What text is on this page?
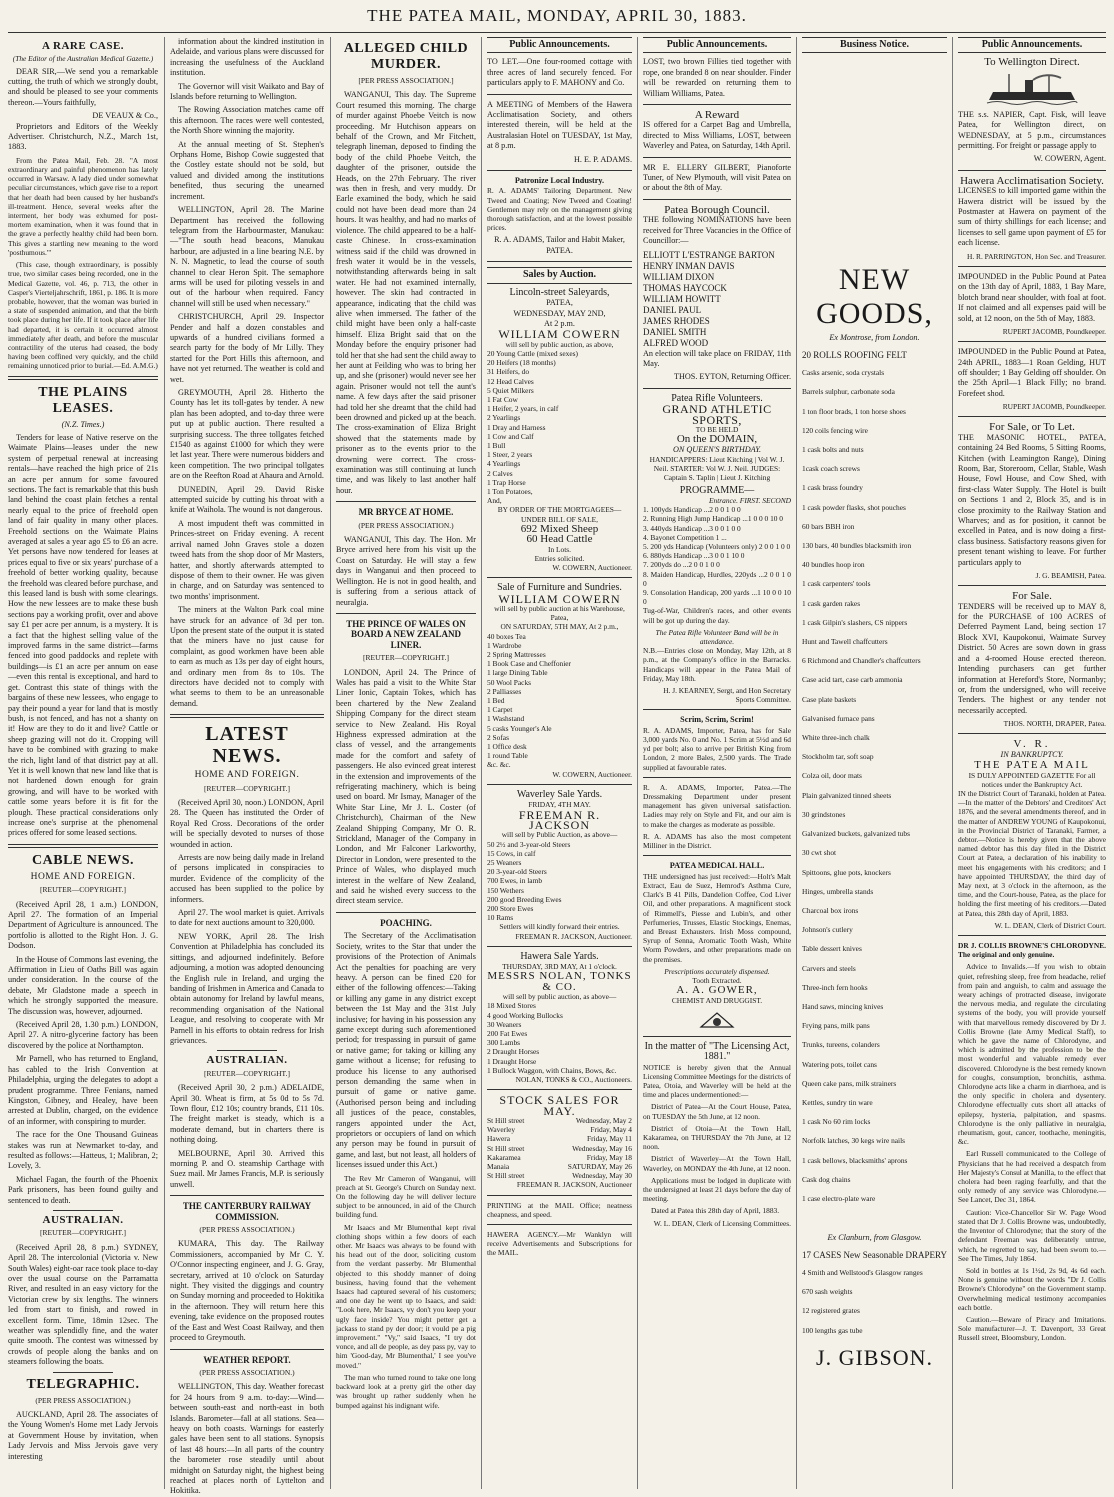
THE PATEA MAIL, MONDAY, APRIL 30, 1883.
A RARE CASE.
(The Editor of the Australian Medical Gazette.)

DEAR SIR,—We send you a remarkable cutting, the truth of which we strongly doubt, and should be pleased to see your comments thereon.—Yours faithfully,

DE VEAUX & Co.,

Proprietors and Editors of the Weekly Advertiser. Christchurch, N.Z., March 1st, 1883.

From the Patea Mail, Feb. 28. "A most extraordinary and painful phenomenon has lately occurred in Warsaw. A lady died under somewhat peculiar circumstances, which gave rise to a report that her death had been caused by her husband's ill-treatment. Hence, several weeks after the interment, her body was exhumed for post-mortem examination, when it was found that in the grave a perfectly healthy child had been born. This gives a startling new meaning to the word 'posthumous.'"

(This case, though extraordinary, is possibly true, two similar cases being recorded, one in the Medical Gazette, vol. 46, p. 713, the other in Casper's Vierteljahrschrift, 1861, p. 186. It is more probable, however, that the woman was buried in a state of suspended animation, and that the birth took place during her life. If it took place after life had departed, it is certain it occurred almost immediately after death, and before the muscular contractility of the uterus had ceased, the body having been coffined very quickly, and the child remaining unnoticed prior to burial.—Ed. A.M.G.)

THE PLAINS LEASES.
(N.Z. Times.)

Tenders for lease of Native reserve on the Waimate Plains—leases under the new system of perpetual renewal at increasing rentals—have reached the high price of 21s an acre per annum for some favoured sections. The fact is remarkable that this bush land behind the coast plain fetches a rental nearly equal to the price of freehold open land of fair quality in many other places. Freehold sections on the Waimate Plains averaged at sales a year ago £5 to £6 an acre. Yet persons have now tendered for leases at prices equal to five or six years' purchase of a freehold of better working quality, because the freehold was cleared before purchase, and this leased land is bush with some clearings. How the new lessees are to make these bush sections pay a working profit, over and above say £1 per acre per annum, is a mystery. It is a fact that the highest selling value of the improved farms in the same district—farms fenced into good paddocks and replete with buildings—is £1 an acre per annum on ease—even this rental is exceptional, and hard to get. Contrast this state of things with the bargains of these new lessees, who engage to pay their pound a year for land that is mostly bush, is not fenced, and has not a shanty on it! How are they to do it and live? Cattle or sheep grazing will not do it. Cropping will have to be combined with grazing to make the rich, light land of that district pay at all. Yet it is well known that new land like that is not hardened down enough for grain growing, and will have to be worked with cattle some years before it is fit for the plough. These practical considerations only increase one's surprise at the phenomenal prices offered for some leased sections.

CABLE NEWS.
HOME AND FOREIGN.
[REUTER—COPYRIGHT.]

(Received April 28, 1 a.m.) LONDON, April 27. The formation of an Imperial Department of Agriculture is announced. The portfolio is allotted to the Right Hon. J. G. Dodson.

In the House of Commons last evening, the Affirmation in Lieu of Oaths Bill was again under consideration. In the course of the debate, Mr Gladstone made a speech in which he strongly supported the measure. The discussion was, however, adjourned.

(Received April 28, 1.30 p.m.) LONDON, April 27. A nitro-glycerine factory has been discovered by the police at Northampton.

Mr Parnell, who has returned to England, has cabled to the Irish Convention at Philadelphia, urging the delegates to adopt a prudent programme. Three Fenians, named Kingston, Gibney, and Healey, have been arrested at Dublin, charged, on the evidence of an informer, with conspiring to murder.

The race for the One Thousand Guineas stakes was run at Newmarket to-day, and resulted as follows:—Hatteus, 1; Malibran, 2; Lovely, 3.

Michael Fagan, the fourth of the Phoenix Park prisoners, has been found guilty and sentenced to death.

AUSTRALIAN.
[REUTER—COPYRIGHT.]

(Received April 28, 8 p.m.) SYDNEY, April 28. The intercolonial (Victoria v. New South Wales) eight-oar race took place to-day over the usual course on the Parramatta River, and resulted in an easy victory for the Victorian crew by six lengths. The winners led from start to finish, and rowed in excellent form. Time, 18min 12sec. The weather was splendidly fine, and the water quite smooth. The contest was witnessed by crowds of people along the banks and on steamers following the boats.

TELEGRAPHIC.
(PER PRESS ASSOCIATION.)

AUCKLAND, April 28. The associates of the Young Women's Home met Lady Jervois at Government House by invitation, when Lady Jervois and Miss Jervois gave very interesting

information about the kindred institution in Adelaide, and various plans were discussed for increasing the usefulness of the Auckland institution.

The Governor will visit Waikato and Bay of Islands before returning to Wellington.

The Rowing Association matches came off this afternoon. The races were well contested, the North Shore winning the majority.

At the annual meeting of St. Stephen's Orphans Home, Bishop Cowie suggested that the Costley estate should not be sold, but valued and divided among the institutions benefited, thus securing the unearned increment.

WELLINGTON, April 28. The Marine Department has received the following telegram from the Harbourmaster, Manukau:—"The south head beacons, Manukau harbour, are adjusted in a line bearing N.E. by N. N. Magnetic, to lead the course of south channel to clear Heron Spit. The semaphore arms will be used for piloting vessels in and out of the harbour when required. Fancy channel will still be used when necessary."

CHRISTCHURCH, April 29. Inspector Pender and half a dozen constables and upwards of a hundred civilians formed a search party for the body of Mr Lilly. They started for the Port Hills this afternoon, and have not yet returned. The weather is cold and wet.

GREYMOUTH, April 28. Hitherto the County has let its toll-gates by tender. A new plan has been adopted, and to-day three were put up at public auction. There resulted a surprising success. The three tollgates fetched £1540 as against £1000 for which they were let last year. There were numerous bidders and keen competition. The two principal tollgates are on the Reefton Road at Ahaura and Arnold.

DUNEDIN, April 29. David Riske attempted suicide by cutting his throat with a knife at Waihola. The wound is not dangerous.

A most impudent theft was committed in Princes-street on Friday evening. A recent arrival named John Graves stole a dozen tweed hats from the shop door of Mr Masters, hatter, and shortly afterwards attempted to dispose of them to their owner. He was given in charge, and on Saturday was sentenced to two months' imprisonment.

The miners at the Walton Park coal mine have struck for an advance of 3d per ton. Upon the present state of the output it is stated that the miners have no just cause for complaint, as good workmen have been able to earn as much as 13s per day of eight hours, and ordinary men from 8s to 10s. The directors have decided not to comply with what seems to them to be an unreasonable demand.

LATEST NEWS.
HOME AND FOREIGN.
[REUTER—COPYRIGHT.]

(Received April 30, noon.) LONDON, April 28. The Queen has instituted the Order of Royal Red Cross. Decorations of the order will be specially devoted to nurses of those wounded in action.

Arrests are now being daily made in Ireland of persons implicated in conspiracies to murder. Evidence of the complicity of the accused has been supplied to the police by informers.

April 27. The wool market is quiet. Arrivals to date for next auctions amount to 320,000.

NEW YORK, April 28. The Irish Convention at Philadelphia has concluded its sittings, and adjourned indefinitely. Before adjourning, a motion was adopted denouncing the English rule in Ireland, and urging the banding of Irishmen in America and Canada to obtain autonomy for Ireland by lawful means, recommending organisation of the National League, and resolving to cooperate with Mr Parnell in his efforts to obtain redress for Irish grievances.

AUSTRALIAN.
[REUTER—COPYRIGHT.]

(Received April 30, 2 p.m.) ADELAIDE, April 30. Wheat is firm, at 5s 0d to 5s 7d. Town flour, £12 10s; country brands, £11 10s. The freight market is steady, which is a moderate demand, but in charters there is nothing doing.

MELBOURNE, April 30. Arrived this morning P. and O. steamship Carthage with Suez mail. Mr James Francis, M.P. is seriously unwell.

THE CANTERBURY RAILWAY COMMISSION.
(PER PRESS ASSOCIATION.)

KUMARA, This day. The Railway Commissioners, accompanied by Mr C. Y. O'Connor inspecting engineer, and J. G. Gray, secretary, arrived at 10 o'clock on Saturday night. They visited the diggings and country on Sunday morning and proceeded to Hokitika in the afternoon. They will return here this evening, take evidence on the proposed routes of the East and West Coast Railway, and then proceed to Greymouth.

WEATHER REPORT.
(PER PRESS ASSOCIATION.)

WELLINGTON, This day. Weather forecast for 24 hours from 9 a.m. to-day:—Wind—between south-east and north-east in both Islands. Barometer—fall at all stations. Sea—heavy on both coasts. Warnings for easterly gales have been sent to all stations. Synopsis of last 48 hours:—In all parts of the country the barometer rose steadily until about midnight on Saturday night, the highest being reached at places north of Lyttelton and Hokitika.

ALLEGED CHILD MURDER.
[PER PRESS ASSOCIATION.]

WANGANUI, This day. The Supreme Court resumed this morning. The charge of murder against Phoebe Veitch is now proceeding. Mr Hutchison appears on behalf of the Crown, and Mr Fitchett, telegraph lineman, deposed to finding the body of the child Phoebe Veitch, the daughter of the prisoner, outside the Heads, on the 27th February. The river was then in fresh, and very muddy. Dr Earle examined the body, which he said could not have been dead more than 24 hours. It was healthy, and had no marks of violence. The child appeared to be a half-caste Chinese. In cross-examination witness said if the child was drowned in fresh water it would be in the vessels, notwithstanding afterwards being in salt water. He had not examined internally, however. The skin had contracted in appearance, indicating that the child was alive when immersed. The father of the child might have been only a half-caste himself. Eliza Bright said that on the Monday before the enquiry prisoner had told her that she had sent the child away to her aunt at Feilding who was to bring her up, and she (prisoner) would never see her again. Prisoner would not tell the aunt's name. A few days after the said prisoner had told her she dreamt that the child had been drowned and picked up at the beach. The cross-examination of Eliza Bright showed that the statements made by prisoner as to the events prior to the drowning were correct. The cross-examination was still continuing at lunch time, and was likely to last another half hour.

MR BRYCE AT HOME.
(PER PRESS ASSOCIATION.)

WANGANUI, This day. The Hon. Mr Bryce arrived here from his visit up the Coast on Saturday. He will stay a few days in Wanganui and then proceed to Wellington. He is not in good health, and is suffering from a serious attack of neuralgia.

THE PRINCE OF WALES ON BOARD A NEW ZEALAND LINER.
[REUTER—COPYRIGHT.]

LONDON, April 24. The Prince of Wales has paid a visit to the White Star Liner Ionic, Captain Tokes, which has been chartered by the New Zealand Shipping Company for the direct steam service to New Zealand. His Royal Highness expressed admiration at the class of vessel, and the arrangements made for the comfort and safety of passengers. He also evinced great interest in the extension and improvements of the refrigerating machinery, which is being used on board. Mr Ismay, Manager of the White Star Line, Mr J. L. Coster (of Christchurch), Chairman of the New Zealand Shipping Company, Mr O. R. Strickland, Manager of the Company in London, and Mr Falconer Larkworthy, Director in London, were presented to the Prince of Wales, who displayed much interest in the welfare of New Zealand, and said he wished every success to the direct steam service.

POACHING.

The Secretary of the Acclimatisation Society, writes to the Star that under the provisions of the Protection of Animals Act the penalties for poaching are very heavy. A person can be fined £20 for either of the following offences:—Taking or killing any game in any district except between the 1st May and the 31st July inclusive; for having in his possession any game except during such aforementioned period; for trespassing in pursuit of game or native game; for taking or killing any game without a license; for refusing to produce his license to any authorised person demanding the same when in pursuit of game or native game. (Authorised person being and including all justices of the peace, constables, rangers appointed under the Act, proprietors or occupiers of land on which any person may be found in pursuit of game, and last, but not least, all holders of licenses issued under this Act.)

The Rev Mr Cameron of Wanganui, will preach at St. George's Church on Sunday next. On the following day he will deliver lecture subject to be announced, in aid of the Church building fund.

Mr Isaacs and Mr Blumenthal kept rival clothing shops within a few doors of each other. Mr Isaacs was always to be found with his head out of the door, soliciting custom from the verdant passerby. Mr Blumenthal objected to this shoddy manner of doing business, having found that the vehement Isaacs had captured several of his customers; and one day he went up to Isaacs, and said: "Look here, Mr Isaacs, vy don't you keep your ugly face inside? You might petter get a jackass to stand py der door; it vould pe a pig improvement." "Vy," said Isaacs, "I try dot vonce, and all de people, as dey pass py, vay to him 'Good-day, Mr Blumenthal,' I see you've moved."

The man who turned round to take one long backward look at a pretty girl the other day was brought up rather suddenly when he bumped against his indignant wife.

Public Announcements.

TO LET.—One four-roomed cottage with three acres of land securely fenced. For particulars apply to F. MAHONY and Co.

A MEETING of Members of the Hawera Acclimatisation Society, and others interested therein, will be held at the Australasian Hotel on TUESDAY, 1st May, at 8 p.m.

H. E. P. ADAMS.
Patronize Local Industry.

R. A. ADAMS' Tailoring Department. New Tweed and Coating; New Tweed and Coating! Gentlemen may rely on the management giving thorough satisfaction, and at the lowest possible prices.

R. A. ADAMS, Tailor and Habit Maker, PATEA.
Sales by Auction.
Lincoln-street Saleyards,
PATEA,
WEDNESDAY, MAY 2ND,
At 2 p.m.
WILLIAM COWERN
will sell by public auction, as above,
20 Young Cattle (mixed sexes)
20 Heifers (18 months)
31 Heifers, do
12 Head Calves
5 Quiet Milkers
1 Fat Cow
1 Heifer, 2 years, in calf
2 Yearlings
1 Dray and Harness
1 Cow and Calf
1 Bull
1 Steer, 2 years
4 Yearlings
2 Calves
1 Trap Horse
1 Ton Potatoes,
And,
BY ORDER OF THE MORTGAGEES—
UNDER BILL OF SALE,
692 Mixed Sheep
60 Head Cattle
In Lots.
Entries solicited.
W. COWERN, Auctioneer.
Sale of Furniture and Sundries.
WILLIAM COWERN
will sell by public auction at his Warehouse, Patea,
ON SATURDAY, 5TH MAY, At 2 p.m.,
40 boxes Tea
1 Wardrobe
2 Spring Mattresses
1 Book Case and Cheffonier
1 large Dining Table
50 Wool Packs
2 Palliasses
1 Bed
1 Carpet
1 Washstand
5 casks Younger's Ale
2 Sofas
1 Office desk
1 round Table
&c. &c.
W. COWERN, Auctioneer.
Waverley Sale Yards.
FRIDAY, 4TH MAY.
FREEMAN R. JACKSON
will sell by Public Auction, as above—
50 2½ and 3-year-old Steers
15 Cows, in calf
25 Weaners
20 3-year-old Steers
700 Ewes, in lamb
150 Wethers
200 good Breeding Ewes
200 Store Ewes
10 Rams
Settlers will kindly forward their entries.
FREEMAN R. JACKSON, Auctioneer.
Hawera Sale Yards.
THURSDAY, 3RD MAY, At 1 o'clock.
MESSRS NOLAN, TONKS & CO.
will sell by public auction, as above—
18 Mixed Stores
4 good Working Bullocks
30 Weaners
200 Fat Ewes
300 Lambs
2 Draught Horses
1 Draught Horse
1 Bullock Waggon, with Chains, Bows, &c.
NOLAN, TONKS & CO., Auctioneers.
STOCK SALES FOR MAY.
St Hill street	Wednesday, May 2
Waverley	Friday, May 4
Hawera	Friday, May 11
St Hill street	Wednesday, May 16
Kakaramea	Friday, May 18
Manaia	SATURDAY, May 26
St Hill street	Wednesday, May 30
FREEMAN R. JACKSON, Auctioneer

PRINTING at the MAIL Office; neatness cheapness, and speed.

HAWERA AGENCY.—Mr Wanklyn will receive Advertisements and Subscriptions for the MAIL.

Public Announcements.

LOST, two brown Fillies tied together with rope, one branded 8 on near shoulder. Finder will be rewarded on returning them to William Williams, Patea.

A Reward

IS offered for a Carpet Bag and Umbrella, directed to Miss Williams, LOST, between Waverley and Patea, on Saturday, 14th April.

MR E. ELLERY GILBERT, Pianoforte Tuner, of New Plymouth, will visit Patea on or about the 8th of May.

Patea Borough Council.

THE following NOMINATIONS have been received for Three Vacancies in the Office of Councillor:—

ELLIOTT L'ESTRANGE BARTON
HENRY INMAN DAVIS
WILLIAM DIXON
THOMAS HAYCOCK
WILLIAM HOWITT
DANIEL PAUL
JAMES RHODES
DANIEL SMITH
ALFRED WOOD

An election will take place on FRIDAY, 11th May.

THOS. EYTON, Returning Officer.
Patea Rifle Volunteers.
GRAND ATHLETIC SPORTS,
TO BE HELD
On the DOMAIN,
ON QUEEN'S BIRTHDAY.

HANDICAPPERS: Lieut Kitching | Vol W. J. Neil. STARTER: Vol W. J. Neil. JUDGES: Captain S. Taplin | Lieut J. Kitching

PROGRAMME—
Entrance. FIRST. SECOND
1. 100yds Handicap ...2 0 0 1 0 0
2. Running High Jump Handicap ...1 0 0 0 10 0
3. 440yds Handicap ...3 0 0 1 0 0
4. Bayonet Competition 1 ...
5. 200 yds Handicap (Volunteers only) 2 0 0 1 0 0
6. 880yds Handicap ...3 0 0 1 10 0
7. 200yds do ...2 0 0 1 0 0
8. Maiden Handicap, Hurdles, 220yds ...2 0 0 1 0 0
9. Consolation Handicap, 200 yards ...1 10 0 0 10 0

Tug-of-War, Children's races, and other events will be got up during the day.

The Patea Rifle Volunteer Band will be in attendance.

N.B.—Entries close on Monday, May 12th, at 8 p.m., at the Company's office in the Barracks. Handicaps will appear in the Patea Mail of Friday, May 18th.

H. J. KEARNEY, Sergt, and Hon Secretary Sports Committee.
Scrim, Scrim, Scrim!

R. A. ADAMS, Importer, Patea, has for Sale 3,000 yards No. 0 and No. 1 Scrim at 5½d and 6d yd per bolt; also to arrive per British King from London, 2 more Bales, 2,500 yards. The Trade supplied at favourable rates.

R. A. ADAMS, Importer, Patea.—The Dressmaking Department under present management has given universal satisfaction. Ladies may rely on Style and Fit, and our aim is to make the charges as moderate as possible.

R. A. ADAMS has also the most competent Milliner in the District.

PATEA MEDICAL HALL.

THE undersigned has just received:—Holt's Malt Extract, Eau de Suez, Hemrod's Asthma Cure, Clark's B 41 Pills, Dandelion Coffee, Cod Liver Oil, and other preparations. A magnificent stock of Rimmell's, Piesse and Lubin's, and other Perfumeries, Trusses, Elastic Stockings, Enemas, and Breast Exhausters. Irish Moss compound, Syrup of Senna, Aromatic Tooth Wash, White Worm Powders, and other preparations made on the premises.

Prescriptions accurately dispensed.
Tooth Extracted.
A. A. GOWER,
CHEMIST AND DRUGGIST.
In the matter of "The Licensing Act, 1881."

NOTICE is hereby given that the Annual Licensing Committee Meetings for the districts of Patea, Otoia, and Waverley will be held at the time and places undermentioned:—

District of Patea—At the Court House, Patea, on TUESDAY the 5th June, at 12 noon.

District of Otoia—At the Town Hall, Kakaramea, on THURSDAY the 7th June, at 12 noon.

District of Waverley—At the Town Hall, Waverley, on MONDAY the 4th June, at 12 noon.

Applications must be lodged in duplicate with the undersigned at least 21 days before the day of meeting.

Dated at Patea this 28th day of April, 1883.

W. L. DEAN, Clerk of Licensing Committees.
Business Notice.
NEW GOODS,
Ex Montrose, from London.
20 ROLLS ROOFING FELT
Casks arsenic, soda crystals
Barrels sulphur, carbonate soda
1 ton floor brads, 1 ton horse shoes
120 coils fencing wire
1 cask bolts and nuts
1cask coach screws
1 cask brass foundry
1 cask powder flasks, shot pouches
60 bars BBH iron
130 bars, 40 bundles blacksmith iron
40 bundles hoop iron
1 cask carpenters' tools
1 cask garden rakes
1 cask Gilpin's slashers, CS nippers
Hunt and Tawell chaffcutters
6 Richmond and Chandler's chaffcutters
Case acid tart, case carb ammonia
Case plate baskets
Galvanised furnace pans
White three-inch chalk
Stockholm tar, soft soap
Colza oil, door mats
Plain galvanized tinned sheets
30 grindstones
Galvanized buckets, galvanized tubs
30 cwt shot
Spittoons, glue pots, knockers
Hinges, umbrella stands
Charcoal box irons
Johnson's cutlery
Table dessert knives
Carvers and steels
Three-inch fern hooks
Hand saws, mincing knives
Frying pans, milk pans
Trunks, tureens, colanders
Watering pots, toilet cans
Queen cake pans, milk strainers
Kettles, sundry tin ware
1 cask No 60 rim locks
Norfolk latches, 30 kegs wire nails
1 cask bellows, blacksmiths' aprons
Cask dog chains
1 case electro-plate ware
Ex Clanburn, from Glasgow.
17 CASES New Seasonable DRAPERY
4 Smith and Wellstood's Glasgow ranges
670 sash weights
12 registered grates
100 lengths gas tube
J. GIBSON.
Public Announcements.
To Wellington Direct.

THE s.s. NAPIER, Capt. Fisk, will leave Patea, for Wellington direct, on WEDNESDAY, at 5 p.m., circumstances permitting. For freight or passage apply to

W. COWERN, Agent.
Hawera Acclimatisation Society.

LICENSES to kill imported game within the Hawera district will be issued by the Postmaster at Hawera on payment of the sum of thirty shillings for each license; and licenses to sell game upon payment of £5 for each license.

H. R. PARRINGTON, Hon Sec. and Treasurer.

IMPOUNDED in the Public Pound at Patea on the 13th day of April, 1883, 1 Bay Mare, blotch brand near shoulder, with foal at foot. If not claimed and all expenses paid will be sold, at 12 noon, on the 5th of May, 1883.

RUPERT JACOMB, Poundkeeper.

IMPOUNDED in the Public Pound at Patea, 24th APRIL, 1883—1 Roan Gelding, HUT off shoulder; 1 Bay Gelding off shoulder. On the 25th April—1 Black Filly; no brand. Forefeet shod.

RUPERT JACOMB, Poundkeeper.
For Sale, or To Let.

THE MASONIC HOTEL, PATEA, containing 24 Bed Rooms, 5 Sitting Rooms, Kitchen (with Leamington Range), Dining Room, Bar, Storeroom, Cellar, Stable, Wash House, Fowl House, and Cow Shed, with first-class Water Supply. The Hotel is built on Sections 1 and 2, Block 35, and is in close proximity to the Railway Station and Wharves; and as for position, it cannot be excelled in Patea, and is now doing a first-class business. Satisfactory reasons given for present tenant wishing to leave. For further particulars apply to

J. G. BEAMISH, Patea.
For Sale.

TENDERS will be received up to MAY 8, for the PURCHASE of 100 ACRES of Deferred Payment Land, being section 17 Block XVI, Kaupokonui, Waimate Survey District. 50 Acres are sown down in grass and a 4-roomed House erected thereon. Intending purchasers can get further information at Hereford's Store, Normanby; or, from the undersigned, who will receive Tenders. The highest or any tender not necessarily accepted.

THOS. NORTH, DRAPER, Patea.
V. R.
IN BANKRUPTCY.
THE PATEA MAIL
IS DULY APPOINTED GAZETTE For all notices under the Bankruptcy Act.

IN the District Court of Taranaki, holden at Patea.—In the matter of the Debtors' and Creditors' Act 1876, and the several amendments thereof, and in the matter of ANDREW YOUNG of Kaupokonui, in the Provincial District of Taranaki, Farmer, a debtor.—Notice is hereby given that the above named debtor has this day filed in the District Court at Patea, a declaration of his inability to meet his engagements with his creditors; and I have appointed THURSDAY, the third day of May next, at 3 o'clock in the afternoon, as the time, and the Court-house, Patea, as the place for holding the first meeting of his creditors.—Dated at Patea, this 28th day of April, 1883.

W. L. DEAN, Clerk of District Court.

DR J. COLLIS BROWNE'S CHLORODYNE. The original and only genuine.

Advice to Invalids.—If you wish to obtain quiet, refreshing sleep, free from headache, relief from pain and anguish, to calm and assuage the weary achings of protracted disease, invigorate the nervous media, and regulate the circulating systems of the body, you will provide yourself with that marvellous remedy discovered by Dr J. Collis Browne (late Army Medical Staff), to which he gave the name of Chlorodyne, and which is admitted by the profession to be the most wonderful and valuable remedy ever discovered. Chlorodyne is the best remedy known for coughs, consumption, bronchitis, asthma. Chlorodyne acts like a charm in diarrhoea, and is the only specific in cholera and dysentery. Chlorodyne effectually cuts short all attacks of epilepsy, hysteria, palpitation, and spasms. Chlorodyne is the only palliative in neuralgia, rheumatism, gout, cancer, toothache, meningitis, &c.

Earl Russell communicated to the College of Physicians that he had received a despatch from Her Majesty's Consul at Manilla, to the effect that cholera had been raging fearfully, and that the only remedy of any service was Chlorodyne.—See Lancet, Dec 31, 1864.

Caution: Vice-Chancellor Sir W. Page Wood stated that Dr J. Collis Browne was, undoubtedly, the Inventor of Chlorodyne; that the story of the defendant Freeman was deliberately untrue, which, he regretted to say, had been sworn to.—See The Times, July 1864.

Sold in bottles at 1s 1½d, 2s 9d, 4s 6d each. None is genuine without the words "Dr J. Collis Browne's Chlorodyne" on the Government stamp. Overwhelming medical testimony accompanies each bottle.

Caution.—Beware of Piracy and Imitations. Sole manufacturer—J. T. Davenport, 33 Great Russell street, Bloomsbury, London.
